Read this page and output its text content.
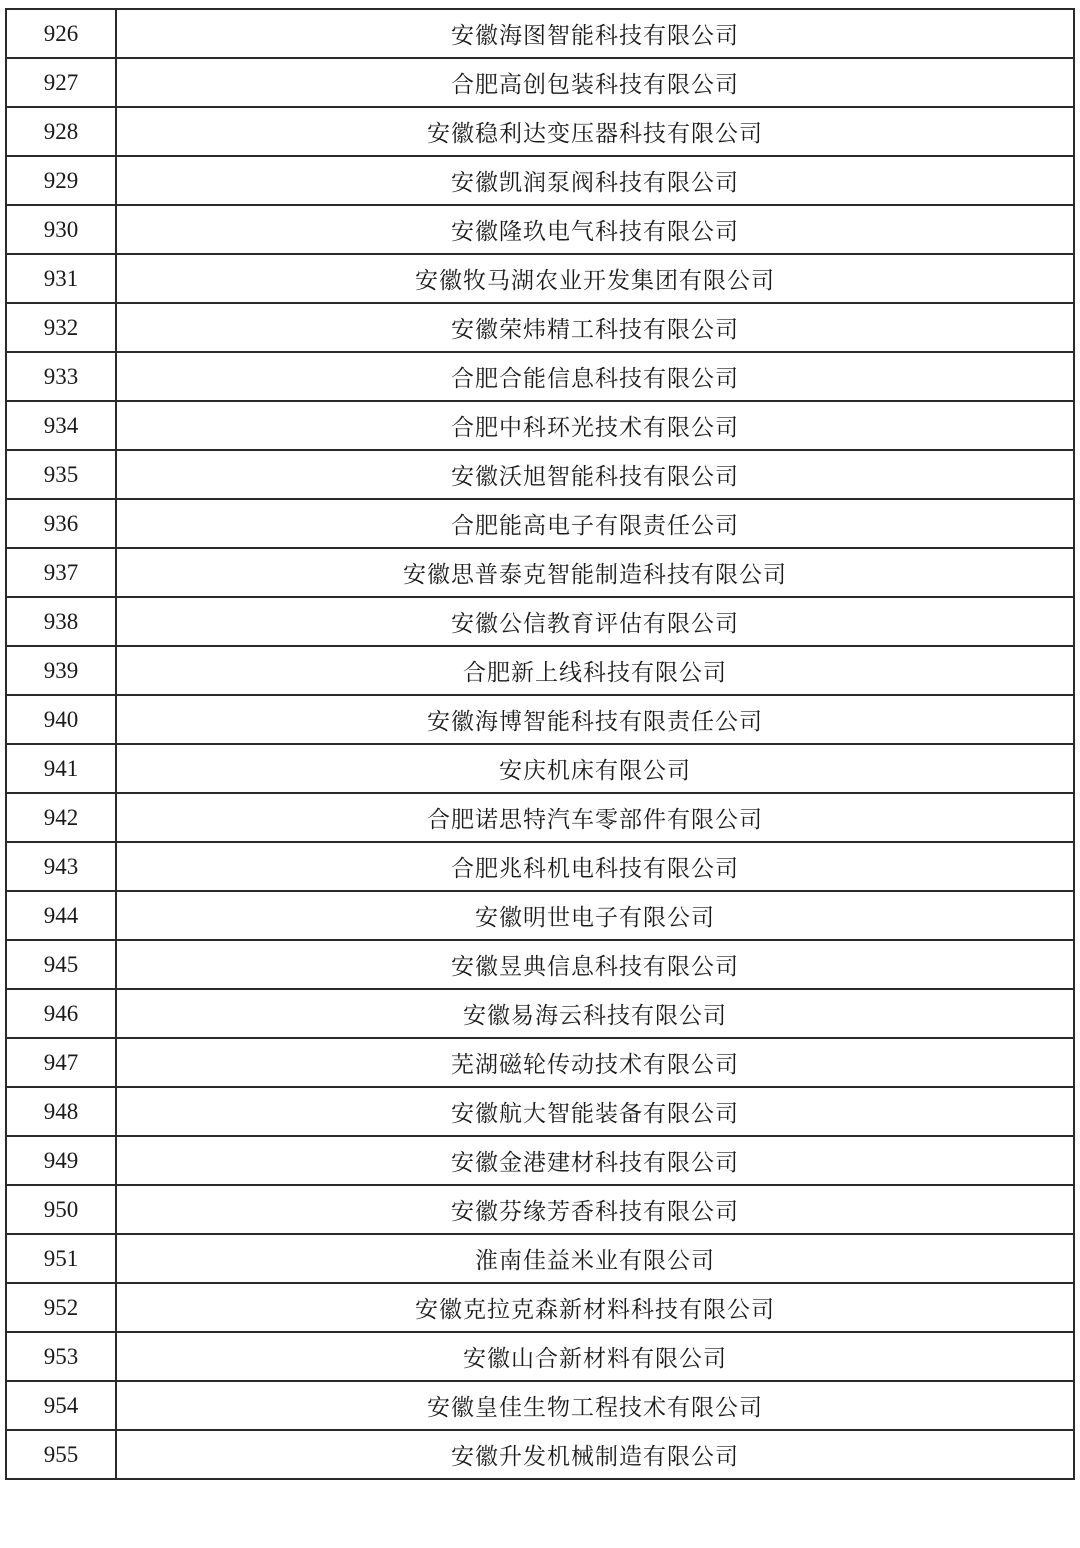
926	安徽海图智能科技有限公司
927	合肥高创包装科技有限公司
928	安徽稳利达变压器科技有限公司
929	安徽凯润泵阀科技有限公司
930	安徽隆玖电气科技有限公司
931	安徽牧马湖农业开发集团有限公司
932	安徽荣炜精工科技有限公司
933	合肥合能信息科技有限公司
934	合肥中科环光技术有限公司
935	安徽沃旭智能科技有限公司
936	合肥能高电子有限责任公司
937	安徽思普泰克智能制造科技有限公司
938	安徽公信教育评估有限公司
939	合肥新上线科技有限公司
940	安徽海博智能科技有限责任公司
941	安庆机床有限公司
942	合肥诺思特汽车零部件有限公司
943	合肥兆科机电科技有限公司
944	安徽明世电子有限公司
945	安徽昱典信息科技有限公司
946	安徽易海云科技有限公司
947	芜湖磁轮传动技术有限公司
948	安徽航大智能装备有限公司
949	安徽金港建材科技有限公司
950	安徽芬缘芳香科技有限公司
951	淮南佳益米业有限公司
952	安徽克拉克森新材料科技有限公司
953	安徽山合新材料有限公司
954	安徽皇佳生物工程技术有限公司
955	安徽升发机械制造有限公司
